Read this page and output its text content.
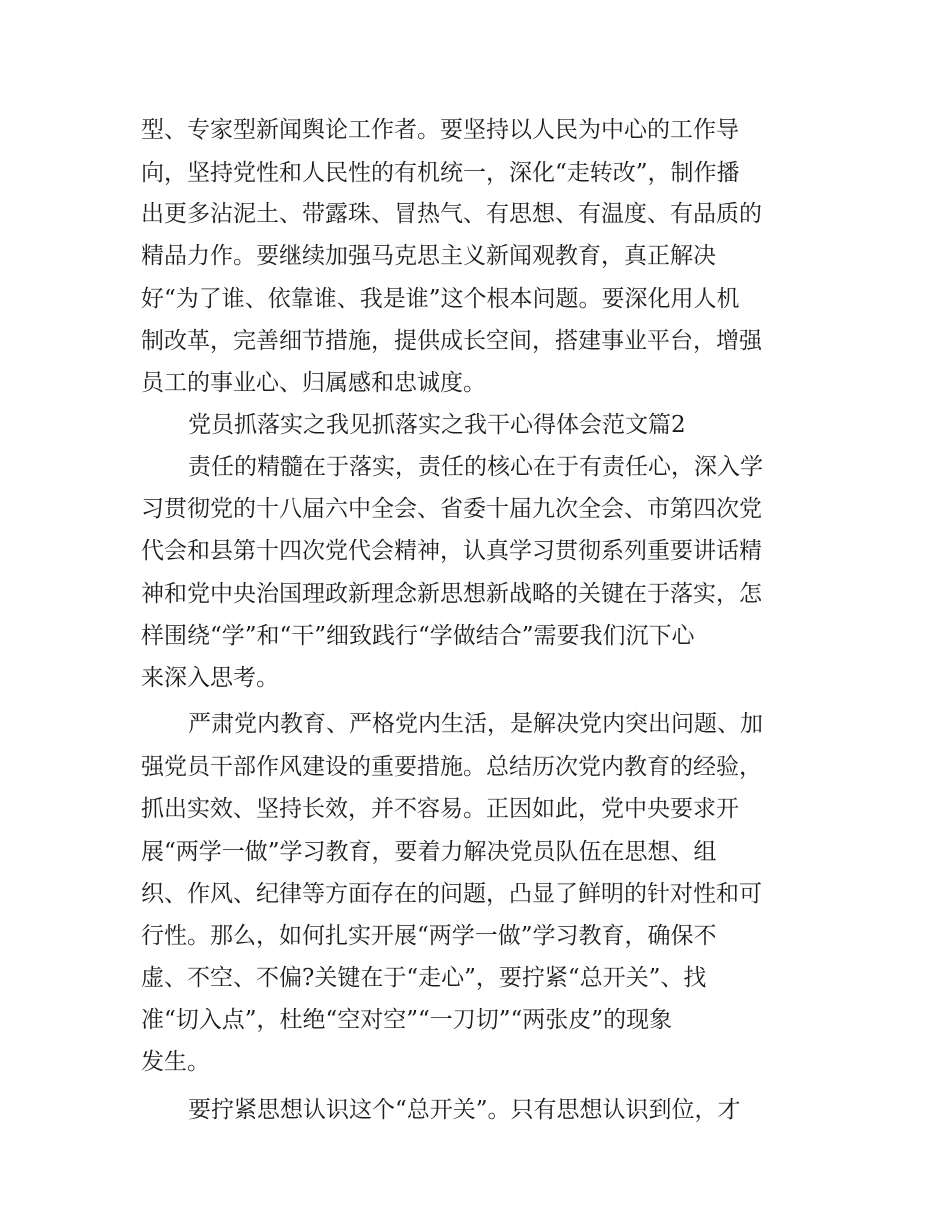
型、专家型新闻舆论工作者。要坚持以人民为中心的工作导
向，坚持党性和人民性的有机统一，深化“走转改”，制作播
出更多沾泥土、带露珠、冒热气、有思想、有温度、有品质的
精品力作。要继续加强马克思主义新闻观教育，真正解决
好“为了谁、依靠谁、我是谁”这个根本问题。要深化用人机
制改革，完善细节措施，提供成长空间，搭建事业平台，增强
员工的事业心、归属感和忠诚度。
党员抓落实之我见抓落实之我干心得体会范文篇2
责任的精髓在于落实，责任的核心在于有责任心，深入学
习贯彻党的十八届六中全会、省委十届九次全会、市第四次党
代会和县第十四次党代会精神，认真学习贯彻系列重要讲话精
神和党中央治国理政新理念新思想新战略的关键在于落实，怎
样围绕“学”和“干”细致践行“学做结合”需要我们沉下心
来深入思考。
严肃党内教育、严格党内生活，是解决党内突出问题、加
强党员干部作风建设的重要措施。总结历次党内教育的经验，
抓出实效、坚持长效，并不容易。正因如此，党中央要求开
展“两学一做”学习教育，要着力解决党员队伍在思想、组
织、作风、纪律等方面存在的问题，凸显了鲜明的针对性和可
行性。那么，如何扎实开展“两学一做”学习教育，确保不
虚、不空、不偏?关键在于“走心”，要拧紧“总开关”、找
准“切入点”，杜绝“空对空”“一刀切”“两张皮”的现象
发生。
要拧紧思想认识这个“总开关”。只有思想认识到位，才
